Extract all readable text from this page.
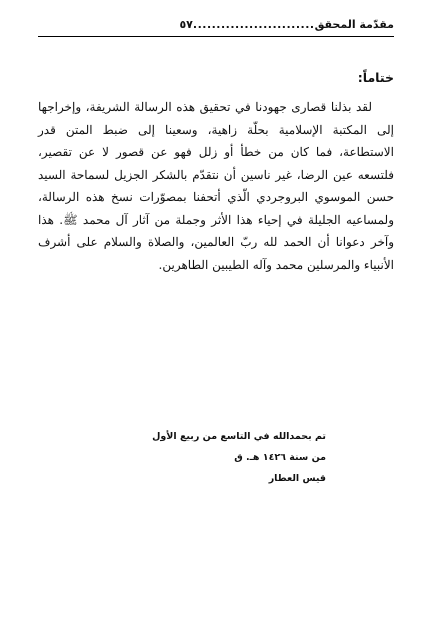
مقدّمة المحقق..........................٥٧
ختاماً:

لقد بذلنا قصارى جهودنا في تحقيق هذه الرسالة الشريفة، وإخراجها إلى المكتبة الإسلامية بحلّة زاهية، وسعينا إلى ضبط المتن قدر الاستطاعة، فما كان من خطأ أو زلل فهو عن قصور لا عن تقصير، فلتسعه عين الرضا، غير ناسين أن نتقدّم بالشكر الجزيل لسماحة السيد حسن الموسوي البروجردي الّذي أتحفنا بمصوّرات نسخ هذه الرسالة، ولمساعيه الجليلة في إحياء هذا الأثر وجملة من آثار آل محمد ﷺ. هذا وآخر دعوانا أن الحمد لله ربّ العالمين، والصلاة والسلام على أشرف الأنبياء والمرسلين محمد وآله الطيبين الطاهرين.

تم بحمدالله في التاسع من ربيع الأول
من سنة ١٤٢٦ هـ. ق
قيس العطار
